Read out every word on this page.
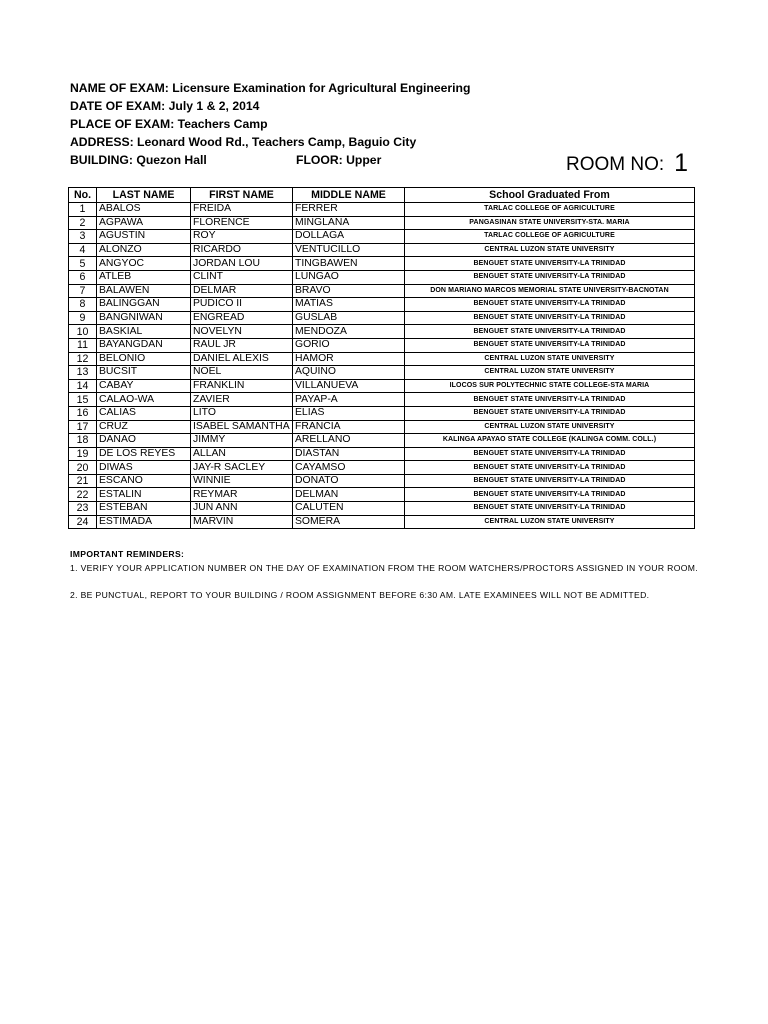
NAME OF EXAM: Licensure Examination for Agricultural Engineering
DATE OF EXAM: July 1 & 2, 2014
PLACE OF EXAM: Teachers Camp
ADDRESS: Leonard Wood Rd., Teachers Camp, Baguio City
BUILDING: Quezon Hall	FLOOR: Upper	ROOM NO: 1
No.	LAST NAME	FIRST NAME	MIDDLE NAME	School Graduated From
1	ABALOS	FREIDA	FERRER	TARLAC COLLEGE OF AGRICULTURE
2	AGPAWA	FLORENCE	MINGLANA	PANGASINAN STATE UNIVERSITY-STA. MARIA
3	AGUSTIN	ROY	DOLLAGA	TARLAC COLLEGE OF AGRICULTURE
4	ALONZO	RICARDO	VENTUCILLO	CENTRAL LUZON STATE UNIVERSITY
5	ANGYOC	JORDAN LOU	TINGBAWEN	BENGUET STATE UNIVERSITY-LA TRINIDAD
6	ATLEB	CLINT	LUNGAO	BENGUET STATE UNIVERSITY-LA TRINIDAD
7	BALAWEN	DELMAR	BRAVO	DON MARIANO MARCOS MEMORIAL STATE UNIVERSITY-BACNOTAN
8	BALINGGAN	PUDICO II	MATIAS	BENGUET STATE UNIVERSITY-LA TRINIDAD
9	BANGNIWAN	ENGREAD	GUSLAB	BENGUET STATE UNIVERSITY-LA TRINIDAD
10	BASKIAL	NOVELYN	MENDOZA	BENGUET STATE UNIVERSITY-LA TRINIDAD
11	BAYANGDAN	RAUL JR	GORIO	BENGUET STATE UNIVERSITY-LA TRINIDAD
12	BELONIO	DANIEL ALEXIS	HAMOR	CENTRAL LUZON STATE UNIVERSITY
13	BUCSIT	NOEL	AQUINO	CENTRAL LUZON STATE UNIVERSITY
14	CABAY	FRANKLIN	VILLANUEVA	ILOCOS SUR POLYTECHNIC STATE COLLEGE-STA MARIA
15	CALAO-WA	ZAVIER	PAYAP-A	BENGUET STATE UNIVERSITY-LA TRINIDAD
16	CALIAS	LITO	ELIAS	BENGUET STATE UNIVERSITY-LA TRINIDAD
17	CRUZ	ISABEL SAMANTHA	FRANCIA	CENTRAL LUZON STATE UNIVERSITY
18	DANAO	JIMMY	ARELLANO	KALINGA APAYAO STATE COLLEGE (KALINGA COMM. COLL.)
19	DE LOS REYES	ALLAN	DIASTAN	BENGUET STATE UNIVERSITY-LA TRINIDAD
20	DIWAS	JAY-R SACLEY	CAYAMSO	BENGUET STATE UNIVERSITY-LA TRINIDAD
21	ESCANO	WINNIE	DONATO	BENGUET STATE UNIVERSITY-LA TRINIDAD
22	ESTALIN	REYMAR	DELMAN	BENGUET STATE UNIVERSITY-LA TRINIDAD
23	ESTEBAN	JUN ANN	CALUTEN	BENGUET STATE UNIVERSITY-LA TRINIDAD
24	ESTIMADA	MARVIN	SOMERA	CENTRAL LUZON STATE UNIVERSITY

IMPORTANT REMINDERS:

1. VERIFY YOUR APPLICATION NUMBER ON THE DAY OF EXAMINATION FROM THE ROOM WATCHERS/PROCTORS ASSIGNED IN YOUR ROOM.

2. BE PUNCTUAL, REPORT TO YOUR BUILDING / ROOM ASSIGNMENT BEFORE 6:30 AM. LATE EXAMINEES WILL NOT BE ADMITTED.
